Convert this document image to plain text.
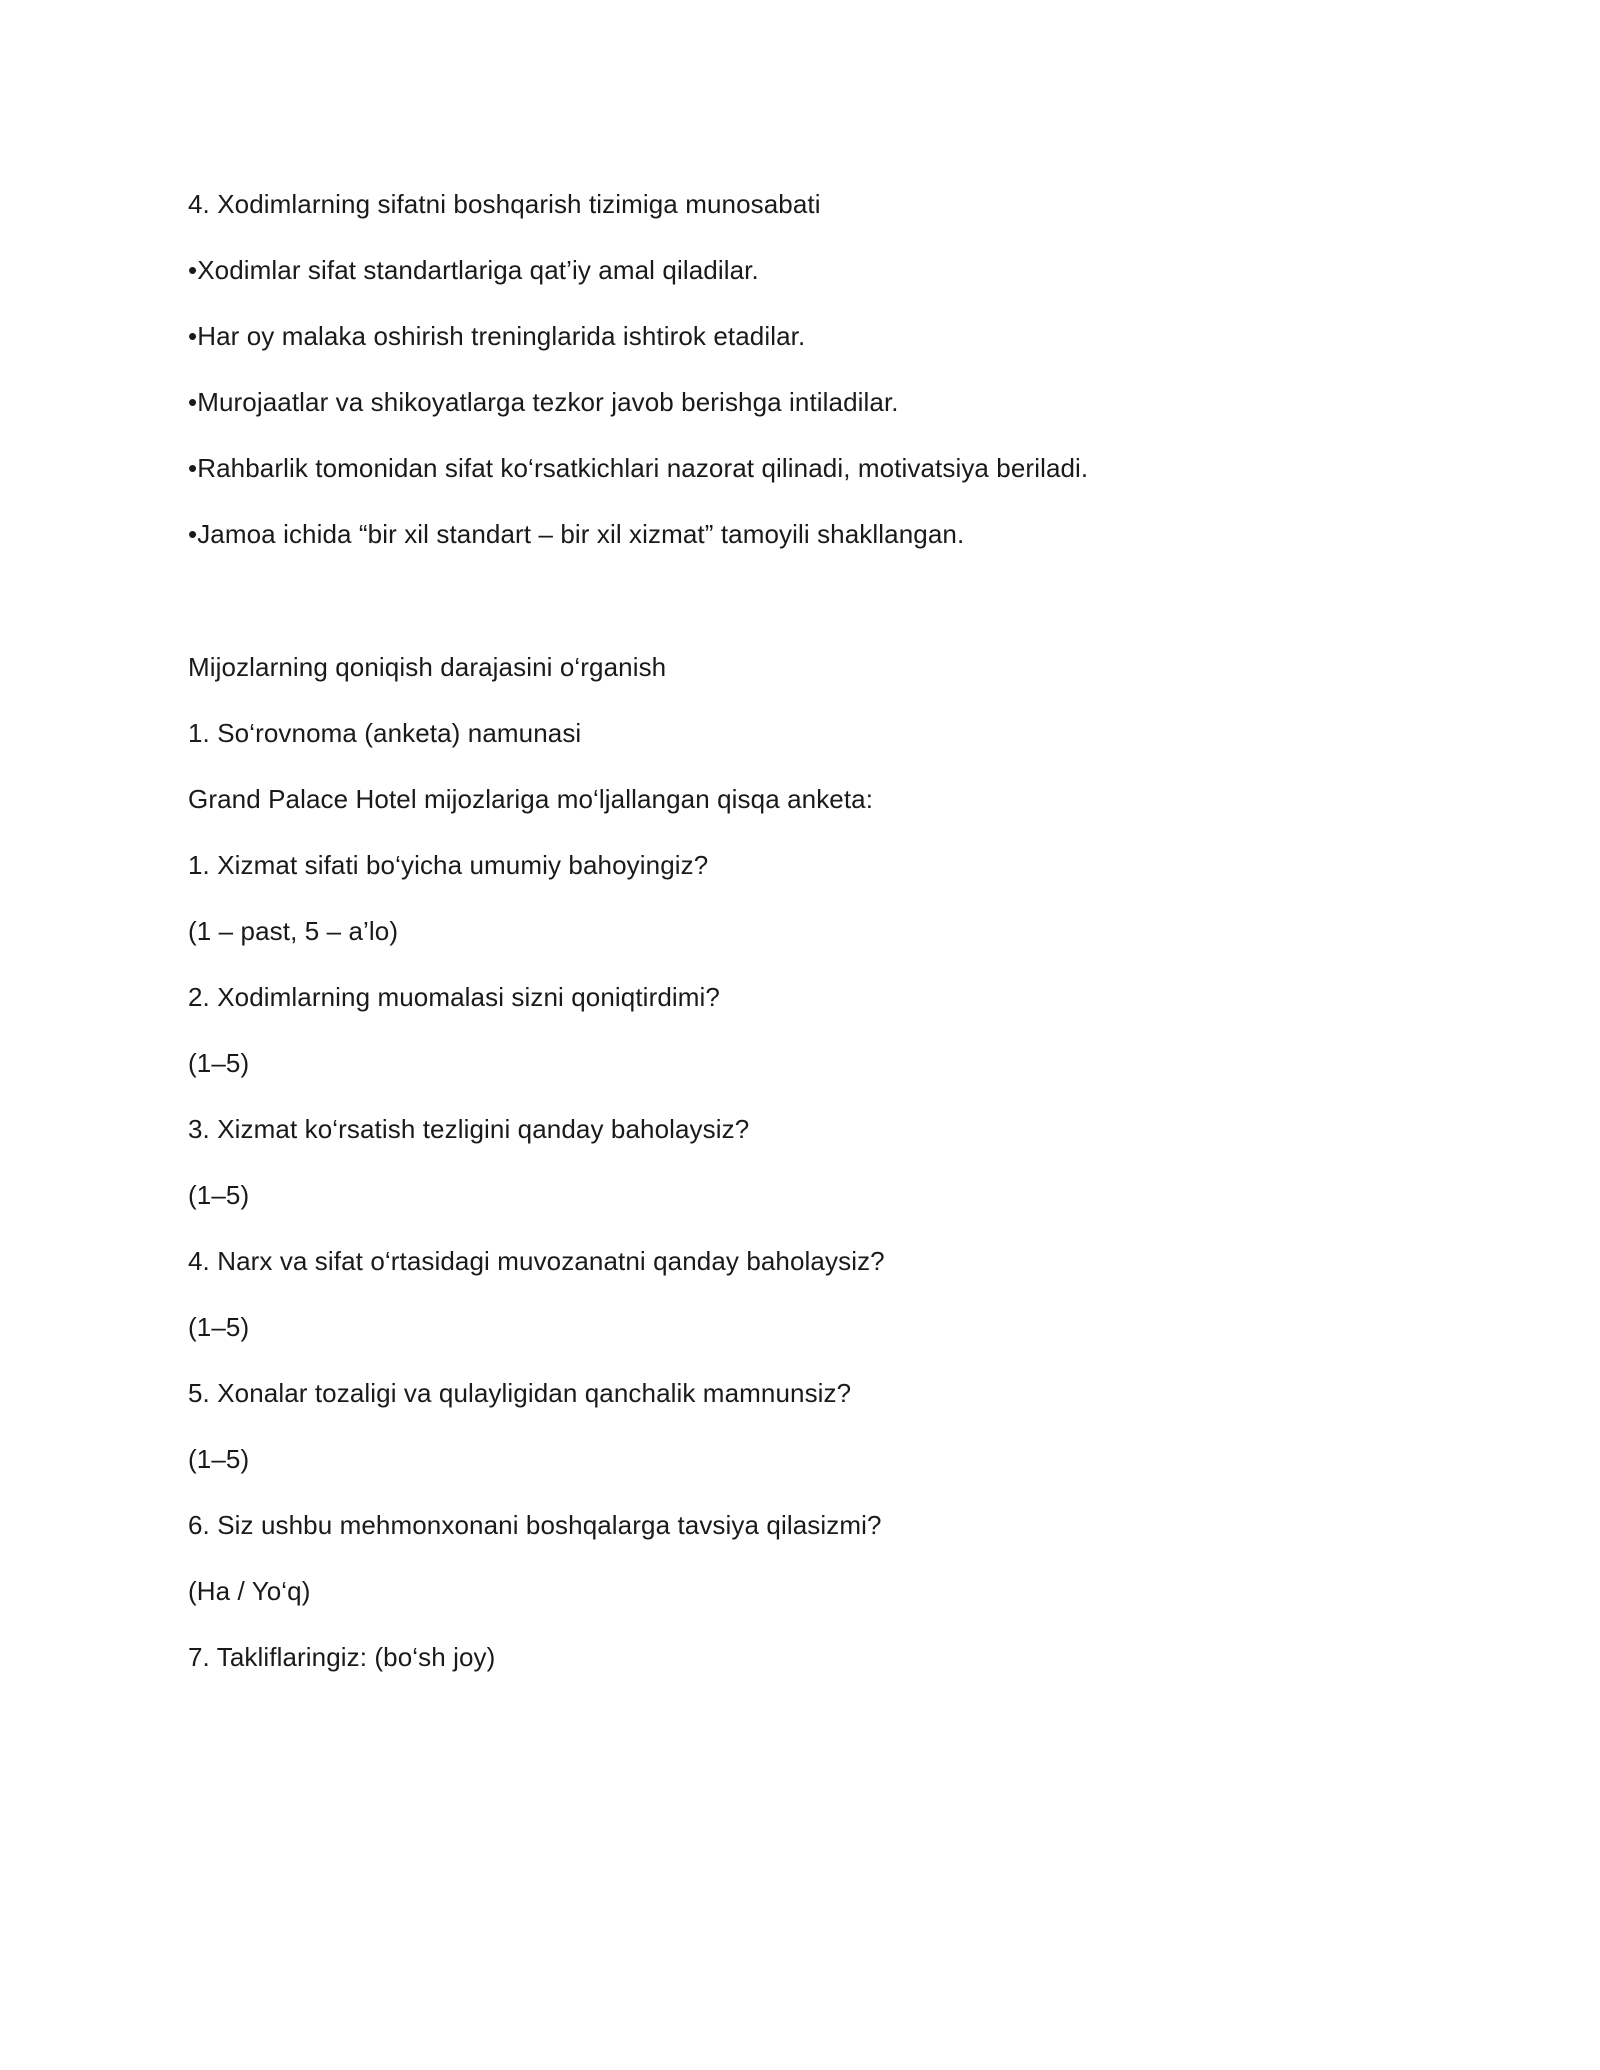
4. Xodimlarning sifatni boshqarish tizimiga munosabati
•Xodimlar sifat standartlariga qat’iy amal qiladilar.
•Har oy malaka oshirish treninglarida ishtirok etadilar.
•Murojaatlar va shikoyatlarga tezkor javob berishga intiladilar.
•Rahbarlik tomonidan sifat ko‘rsatkichlari nazorat qilinadi, motivatsiya beriladi.
•Jamoa ichida “bir xil standart – bir xil xizmat” tamoyili shakllangan.
Mijozlarning qoniqish darajasini o‘rganish
1. So‘rovnoma (anketa) namunasi
Grand Palace Hotel mijozlariga mo‘ljallangan qisqa anketa:
1. Xizmat sifati bo‘yicha umumiy bahoyingiz?
(1 – past, 5 – a’lo)
2. Xodimlarning muomalasi sizni qoniqtirdimi?
(1–5)
3. Xizmat ko‘rsatish tezligini qanday baholaysiz?
(1–5)
4. Narx va sifat o‘rtasidagi muvozanatni qanday baholaysiz?
(1–5)
5. Xonalar tozaligi va qulayligidan qanchalik mamnunsiz?
(1–5)
6. Siz ushbu mehmonxonani boshqalarga tavsiya qilasizmi?
(Ha / Yo‘q)
7. Takliflaringiz: (bo‘sh joy)
